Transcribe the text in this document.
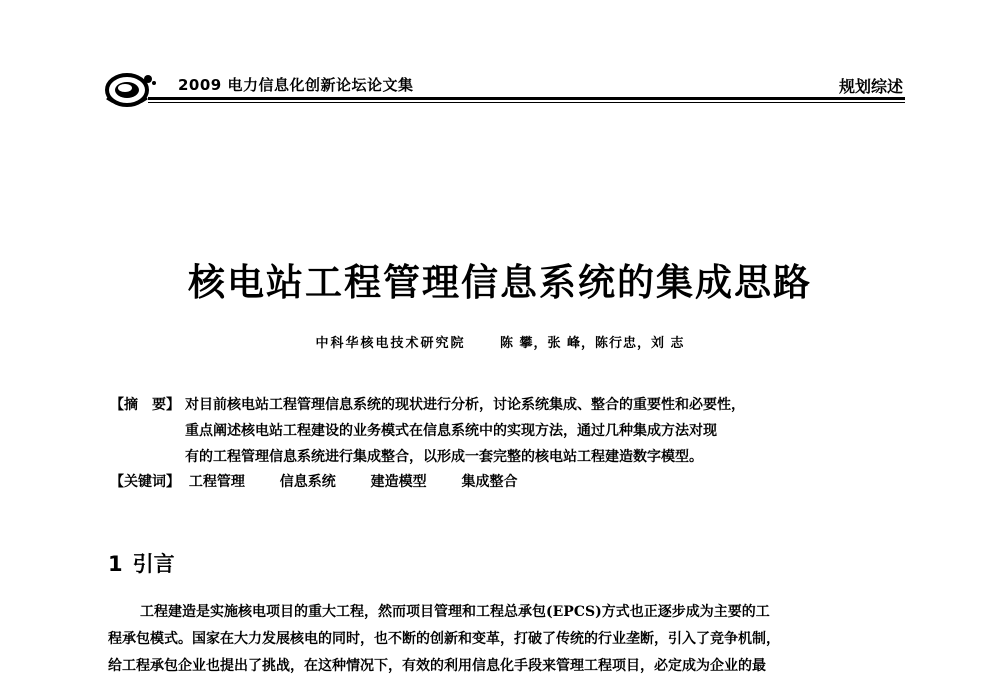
2009 电力信息化创新论坛论文集	规划综述
核电站工程管理信息系统的集成思路
中科华核电技术研究院	陈 攀，张 峰，陈行忠，刘 志
【摘　要】 对目前核电站工程管理信息系统的现状进行分析，讨论系统集成、整合的重要性和必要性，
重点阐述核电站工程建设的业务模式在信息系统中的实现方法，通过几种集成方法对现
有的工程管理信息系统进行集成整合，以形成一套完整的核电站工程建造数字模型。
【关键词】 工程管理 信息系统 建造模型 集成整合
1 引言
工程建造是实施核电项目的重大工程，然而项目管理和工程总承包(EPCS)方式也正逐步成为主要的工
程承包模式。国家在大力发展核电的同时，也不断的创新和变革，打破了传统的行业垄断，引入了竞争机制，
给工程承包企业也提出了挑战，在这种情况下，有效的利用信息化手段来管理工程项目，必定成为企业的最
